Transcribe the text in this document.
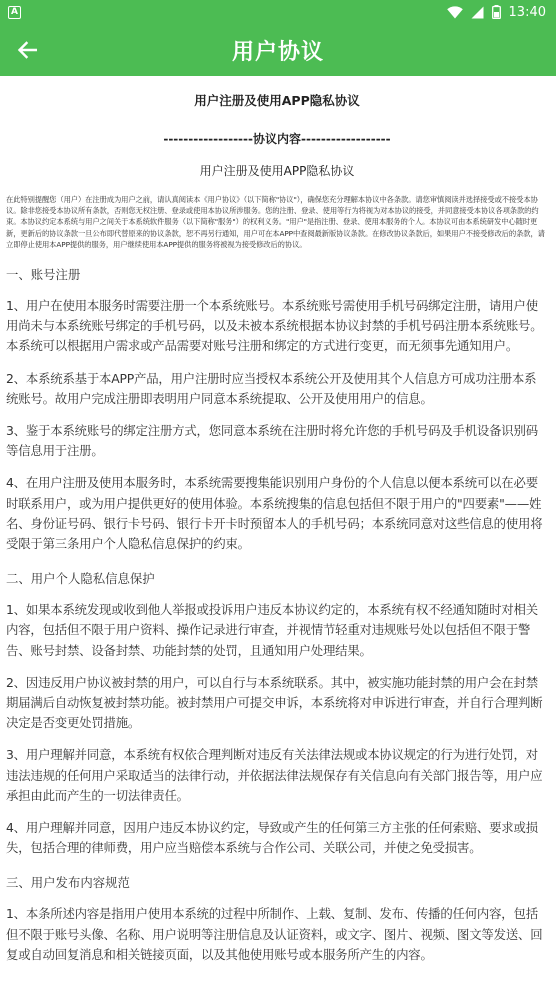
A	13:40
用户协议
用户注册及使用APP隐私协议
------------------协议内容------------------
用户注册及使用APP隐私协议
在此特别提醒您（用户）在注册成为用户之前，请认真阅读本《用户协议》（以下简称"协议"），确保您充分理解本协议中各条款。请您审慎阅读并选择接受或不接受本协议。除非您接受本协议所有条款，否则您无权注册、登录或使用本协议所涉服务。您的注册、登录、使用等行为将视为对本协议的接受，并同意接受本协议各项条款的约束。本协议约定本系统与用户之间关于本系统软件服务（以下简称"服务"）的权利义务。"用户"是指注册、登录、使用本服务的个人。本协议可由本系统研发中心随时更新，更新后的协议条款一旦公布即代替原来的协议条款，恕不再另行通知，用户可在本APP中查阅最新版协议条款。在修改协议条款后，如果用户不接受修改后的条款，请立即停止使用本APP提供的服务，用户继续使用本APP提供的服务将被视为接受修改后的协议。
一、账号注册
1、用户在使用本服务时需要注册一个本系统账号。本系统账号需使用手机号码绑定注册，请用户使用尚未与本系统账号绑定的手机号码，以及未被本系统根据本协议封禁的手机号码注册本系统账号。本系统可以根据用户需求或产品需要对账号注册和绑定的方式进行变更，而无须事先通知用户。
2、本系统系基于本APP产品，用户注册时应当授权本系统公开及使用其个人信息方可成功注册本系统账号。故用户完成注册即表明用户同意本系统提取、公开及使用用户的信息。
3、鉴于本系统账号的绑定注册方式，您同意本系统在注册时将允许您的手机号码及手机设备识别码等信息用于注册。
4、在用户注册及使用本服务时，本系统需要搜集能识别用户身份的个人信息以便本系统可以在必要时联系用户，或为用户提供更好的使用体验。本系统搜集的信息包括但不限于用户的"四要素"——姓名、身份证号码、银行卡号码、银行卡开卡时预留本人的手机号码；本系统同意对这些信息的使用将受限于第三条用户个人隐私信息保护的约束。
二、用户个人隐私信息保护
1、如果本系统发现或收到他人举报或投诉用户违反本协议约定的，本系统有权不经通知随时对相关内容，包括但不限于用户资料、操作记录进行审查，并视情节轻重对违规账号处以包括但不限于警告、账号封禁、设备封禁、功能封禁的处罚，且通知用户处理结果。
2、因违反用户协议被封禁的用户，可以自行与本系统联系。其中，被实施功能封禁的用户会在封禁期届满后自动恢复被封禁功能。被封禁用户可提交申诉，本系统将对申诉进行审查，并自行合理判断决定是否变更处罚措施。
3、用户理解并同意，本系统有权依合理判断对违反有关法律法规或本协议规定的行为进行处罚，对违法违规的任何用户采取适当的法律行动，并依据法律法规保存有关信息向有关部门报告等，用户应承担由此而产生的一切法律责任。
4、用户理解并同意，因用户违反本协议约定，导致或产生的任何第三方主张的任何索赔、要求或损失，包括合理的律师费，用户应当赔偿本系统与合作公司、关联公司，并使之免受损害。
三、用户发布内容规范
1、本条所述内容是指用户使用本系统的过程中所制作、上载、复制、发布、传播的任何内容，包括但不限于账号头像、名称、用户说明等注册信息及认证资料，或文字、图片、视频、图文等发送、回复或自动回复消息和相关链接页面，以及其他使用账号或本服务所产生的内容。
